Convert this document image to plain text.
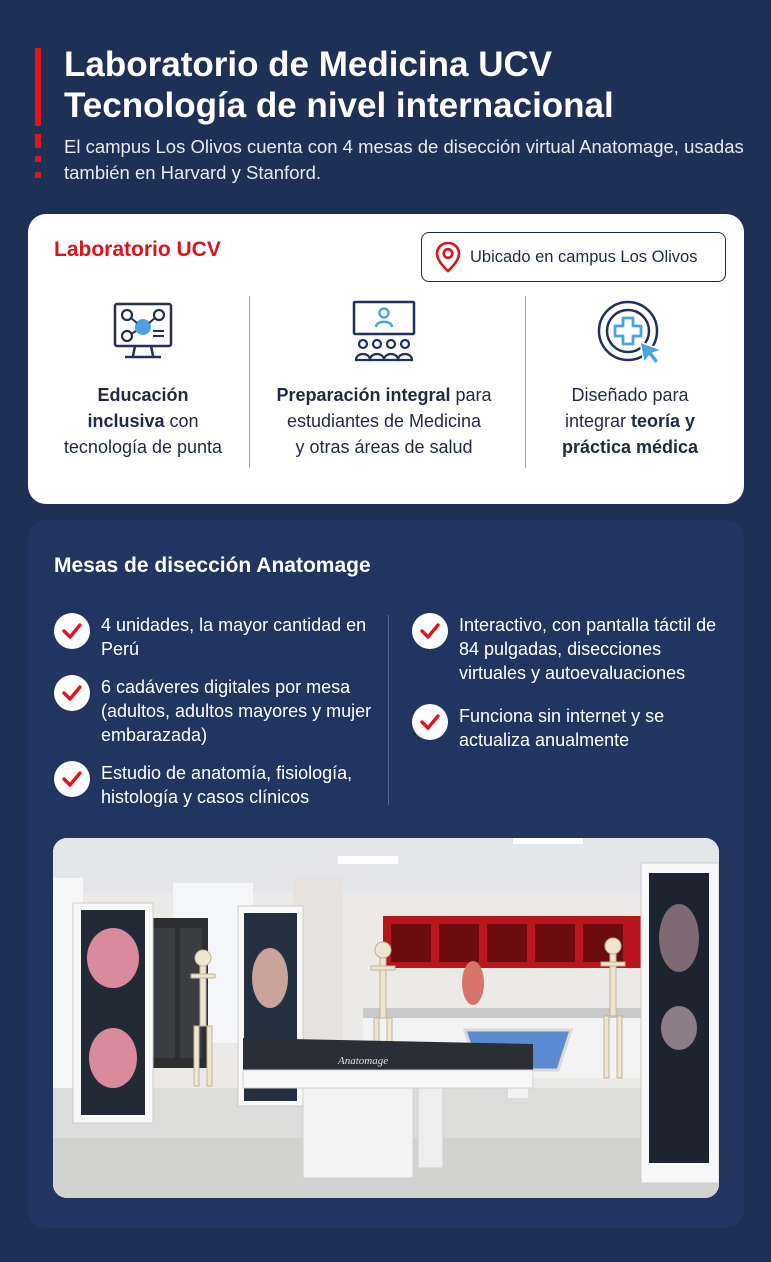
Laboratorio de Medicina UCV
Tecnología de nivel internacional

El campus Los Olivos cuenta con 4 mesas de disección virtual Anatomage, usadas también en Harvard y Stanford.

Laboratorio UCV	Ubicado en campus Los Olivos
Educación
inclusiva con
tecnología de punta
Preparación integral para
estudiantes de Medicina
y otras áreas de salud
Diseñado para
integrar teoría y
práctica médica
Mesas de disección Anatomage
4 unidades, la mayor cantidad en Perú
6 cadáveres digitales por mesa (adultos, adultos mayores y mujer embarazada)
Estudio de anatomía, fisiología, histología y casos clínicos
Interactivo, con pantalla táctil de 84 pulgadas, disecciones virtuales y autoevaluaciones
Funciona sin internet y se actualiza anualmente
Anatomage
